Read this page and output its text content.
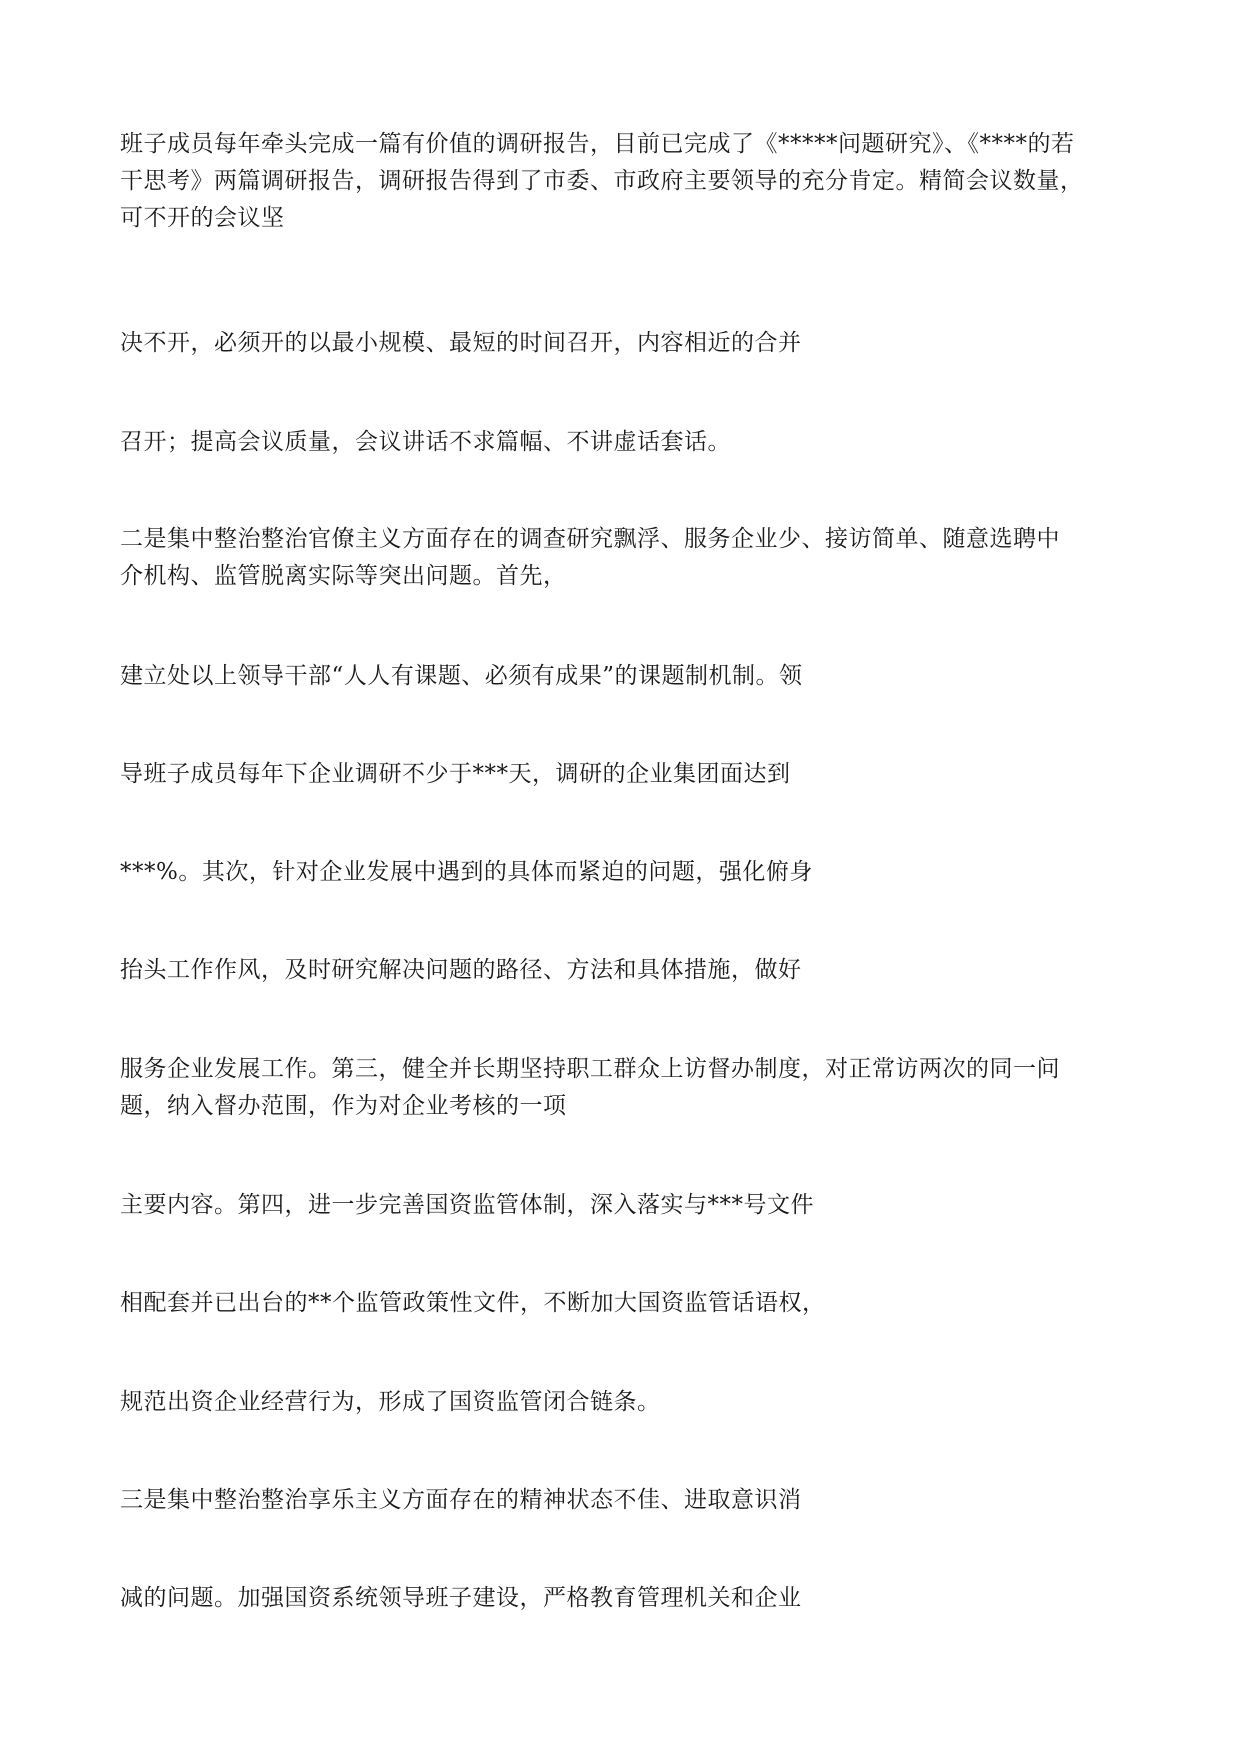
班子成员每年牵头完成一篇有价值的调研报告，目前已完成了《*****问题研究》、《****的若
干思考》两篇调研报告，调研报告得到了市委、市政府主要领导的充分肯定。精简会议数量，
可不开的会议坚
决不开，必须开的以最小规模、最短的时间召开，内容相近的合并
召开；提高会议质量，会议讲话不求篇幅、不讲虚话套话。
二是集中整治整治官僚主义方面存在的调查研究飘浮、服务企业少、接访简单、随意选聘中
介机构、监管脱离实际等突出问题。首先，
建立处以上领导干部“人人有课题、必须有成果”的课题制机制。领
导班子成员每年下企业调研不少于***天，调研的企业集团面达到
***%。其次，针对企业发展中遇到的具体而紧迫的问题，强化俯身
抬头工作作风，及时研究解决问题的路径、方法和具体措施，做好
服务企业发展工作。第三，健全并长期坚持职工群众上访督办制度，对正常访两次的同一问
题，纳入督办范围，作为对企业考核的一项
主要内容。第四，进一步完善国资监管体制，深入落实与***号文件
相配套并已出台的**个监管政策性文件，不断加大国资监管话语权，
规范出资企业经营行为，形成了国资监管闭合链条。
三是集中整治整治享乐主义方面存在的精神状态不佳、进取意识消
减的问题。加强国资系统领导班子建设，严格教育管理机关和企业
